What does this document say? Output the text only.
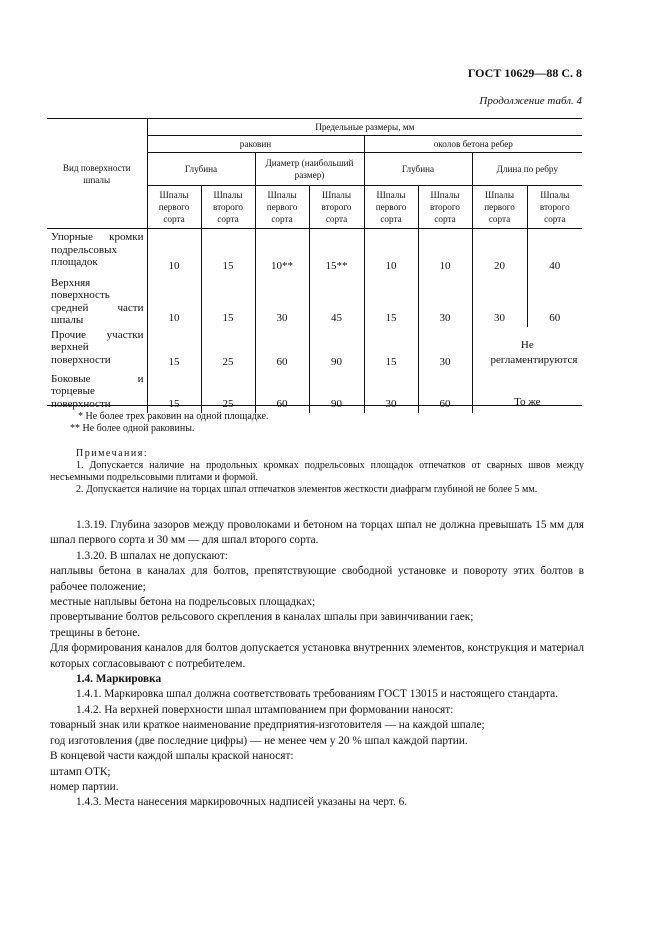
ГОСТ 10629—88 С. 8
Продолжение табл. 4
Вид поверхности шпалы	Предельные размеры, мм							
	раковин				околов бетона ребер			
	Глубина		Диаметр (наибольший размер)		Глубина		Длина по ребру	
	Шпалы первого сорта	Шпалы второго сорта	Шпалы первого сорта	Шпалы второго сорта	Шпалы первого сорта	Шпалы второго сорта	Шпалы первого сорта	Шпалы второго сорта
Упорные кромки подрельсовых площадок	10	15	10**	15**	10	10	20	40
Верхняя поверхность средней части шпалы	10	15	30	45	15	30	30	60
Прочие участки верхней поверхности	15	25	60	90	15	30	Не регламентируются	
Боковые и торцевые поверхности	15	25	60	90	30	60	То же	
* Не более трех раковин на одной площадке.
** Не более одной раковины.

Примечания:

1. Допускается наличие на продольных кромках подрельсовых площадок отпечатков от сварных швов между несъемными подрельсовыми плитами и формой.

2. Допускается наличие на торцах шпал отпечатков элементов жесткости диафрагм глубиной не более 5 мм.

1.3.19. Глубина зазоров между проволоками и бетоном на торцах шпал не должна превышать 15 мм для шпал первого сорта и 30 мм — для шпал второго сорта.

1.3.20. В шпалах не допускают:

наплывы бетона в каналах для болтов, препятствующие свободной установке и повороту этих болтов в рабочее положение;

местные наплывы бетона на подрельсовых площадках;

провертывание болтов рельсового скрепления в каналах шпалы при завинчивании гаек;

трещины в бетоне.

Для формирования каналов для болтов допускается установка внутренних элементов, конструкция и материал которых согласовывают с потребителем.

1.4. Маркировка

1.4.1. Маркировка шпал должна соответствовать требованиям ГОСТ 13015 и настоящего стандарта.

1.4.2. На верхней поверхности шпал штампованием при формовании наносят:

товарный знак или краткое наименование предприятия-изготовителя — на каждой шпале;

год изготовления (две последние цифры) — не менее чем у 20 % шпал каждой партии.

В концевой части каждой шпалы краской наносят:

штамп ОТК;

номер партии.

1.4.3. Места нанесения маркировочных надписей указаны на черт. 6.
